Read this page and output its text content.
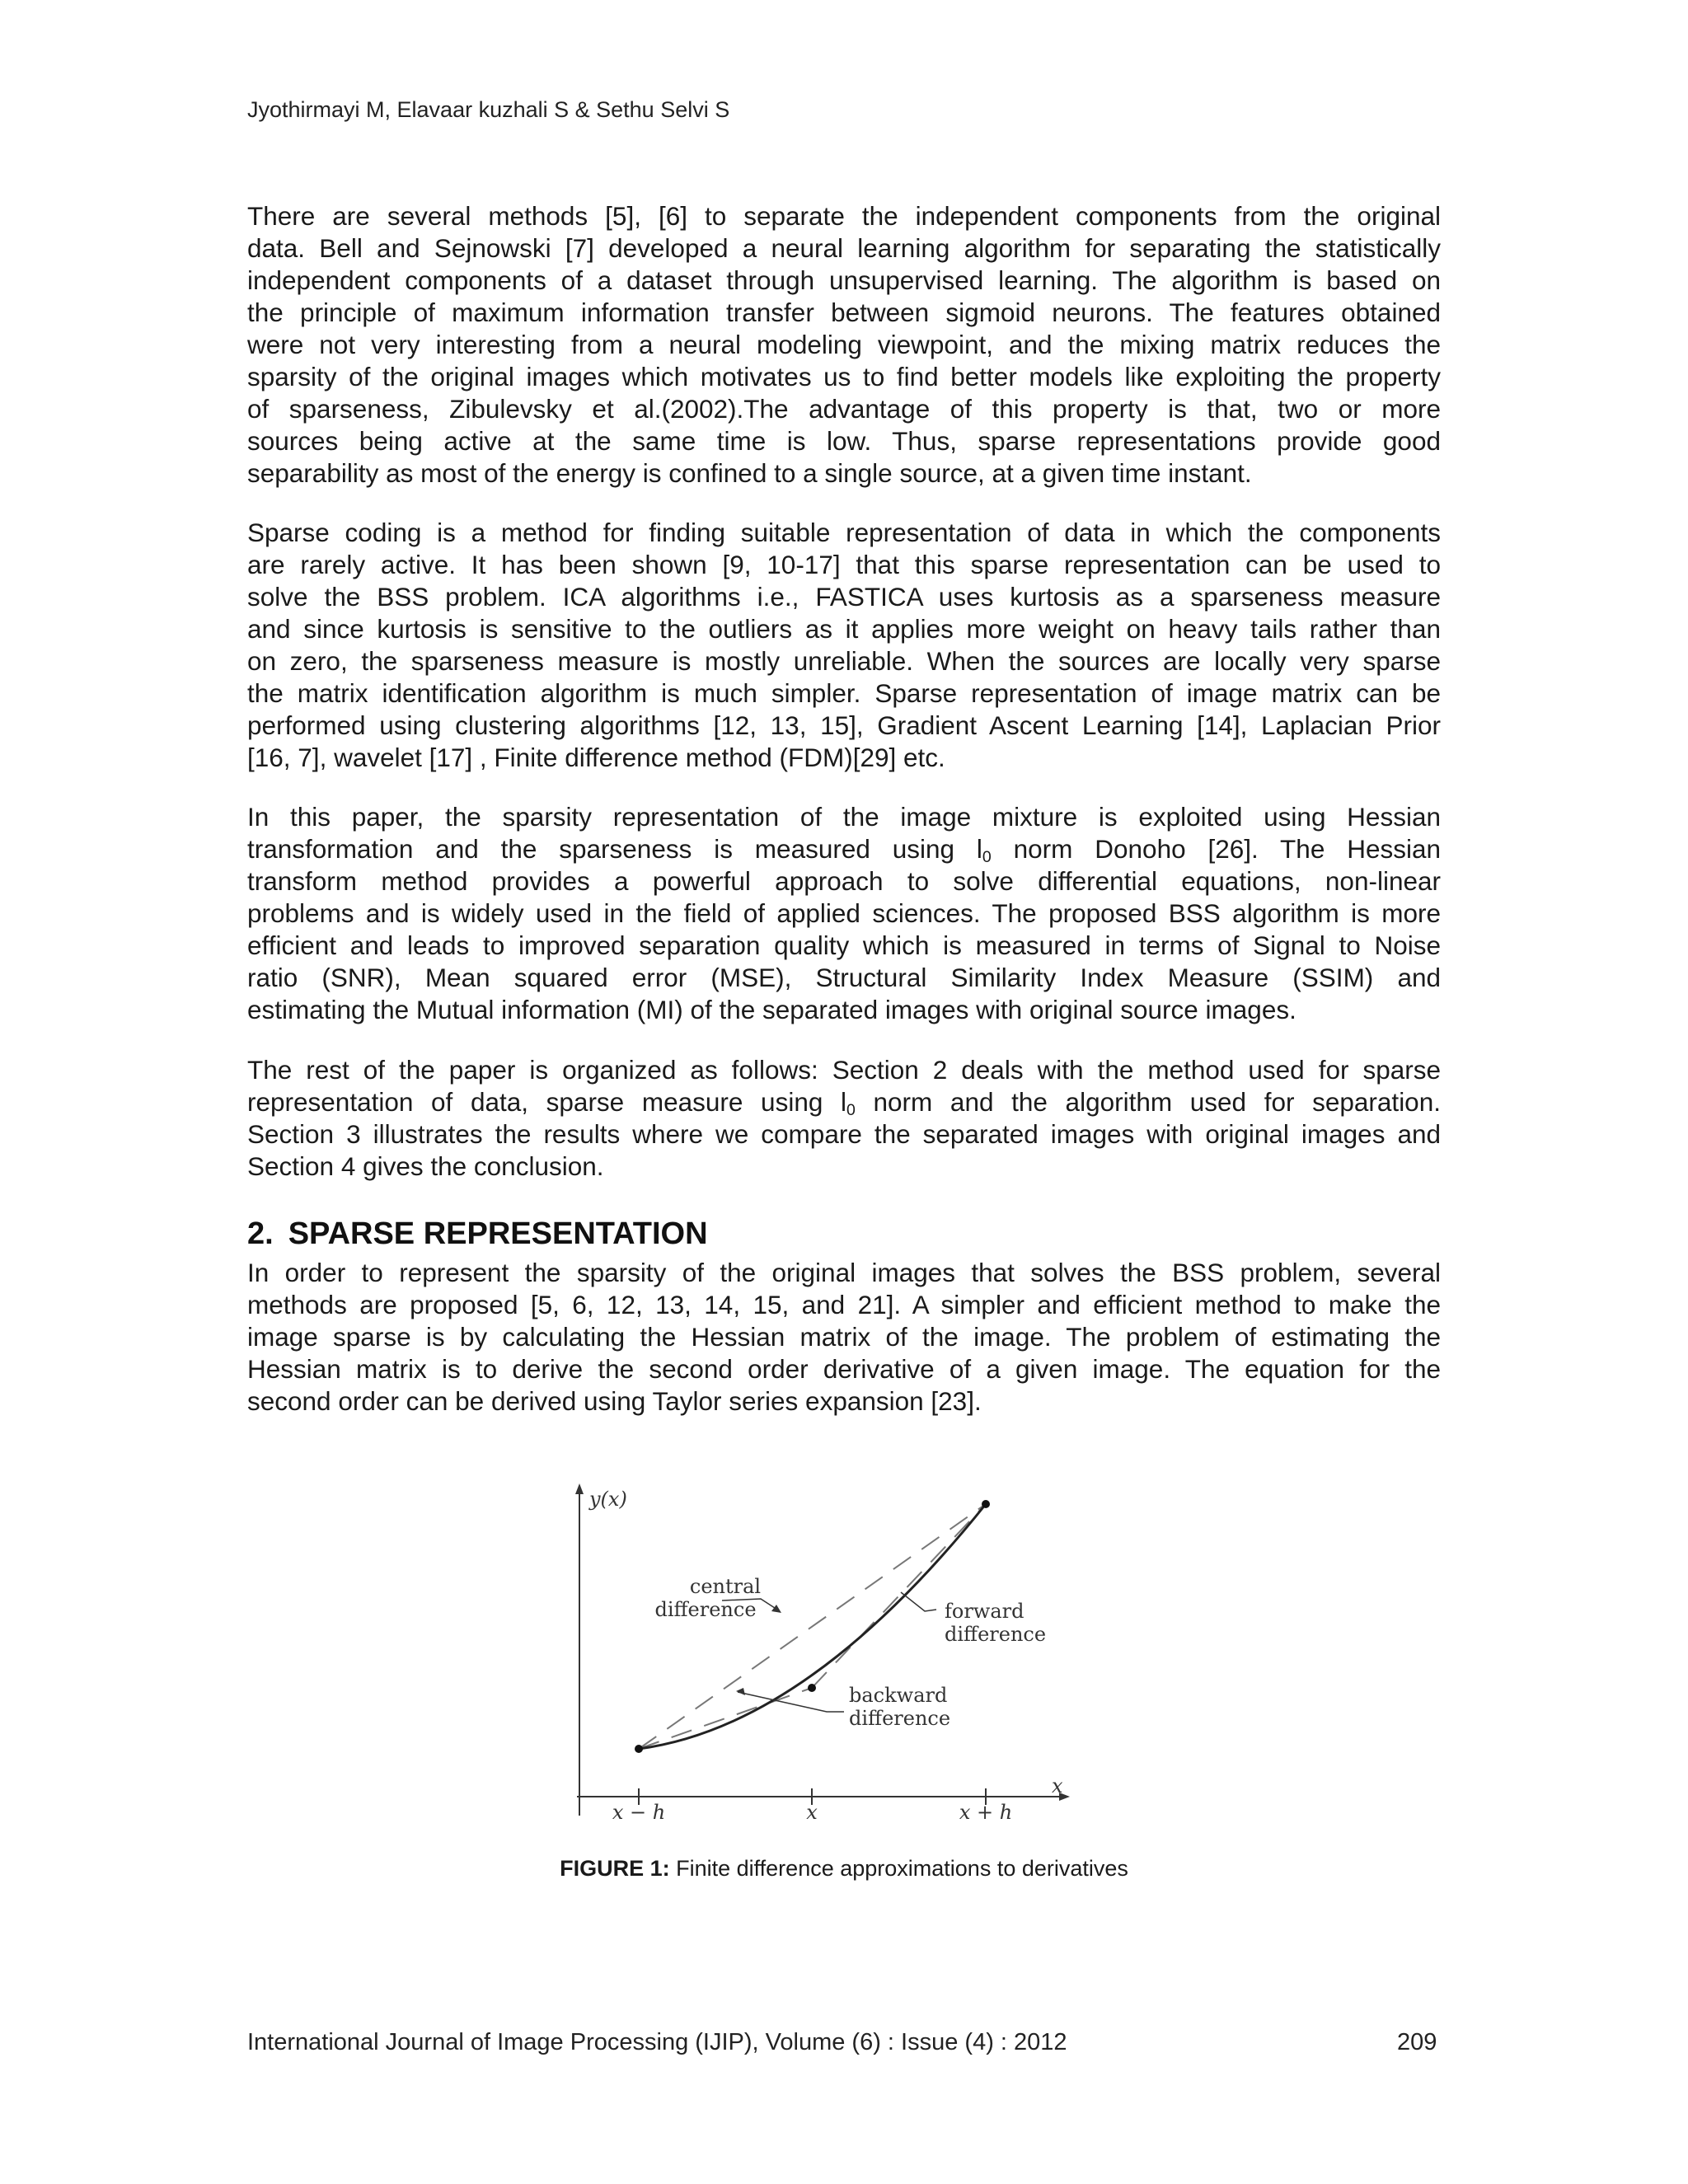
Jyothirmayi M, Elavaar kuzhali S & Sethu Selvi S
There are several methods [5], [6] to separate the independent components from the original
data. Bell and Sejnowski [7] developed a neural learning algorithm for separating the statistically
independent components of a dataset through unsupervised learning. The algorithm is based on
the principle of maximum information transfer between sigmoid neurons. The features obtained
were not very interesting from a neural modeling viewpoint, and the mixing matrix reduces the
sparsity of the original images which motivates us to find better models like exploiting the property
of sparseness, Zibulevsky et al.(2002).The advantage of this property is that, two or more
sources being active at the same time is low. Thus, sparse representations provide good
separability as most of the energy is confined to a single source, at a given time instant.
Sparse coding is a method for finding suitable representation of data in which the components
are rarely active. It has been shown [9, 10-17] that this sparse representation can be used to
solve the BSS problem. ICA algorithms i.e., FASTICA uses kurtosis as a sparseness measure
and since kurtosis is sensitive to the outliers as it applies more weight on heavy tails rather than
on zero, the sparseness measure is mostly unreliable. When the sources are locally very sparse
the matrix identification algorithm is much simpler. Sparse representation of image matrix can be
performed using clustering algorithms [12, 13, 15], Gradient Ascent Learning [14], Laplacian Prior
[16, 7], wavelet [17] , Finite difference method (FDM)[29] etc.
In this paper, the sparsity representation of the image mixture is exploited using Hessian
transformation and the sparseness is measured using $l_0$ norm Donoho [26]. The Hessian
transform method provides a powerful approach to solve differential equations, non-linear
problems and is widely used in the field of applied sciences. The proposed BSS algorithm is more
efficient and leads to improved separation quality which is measured in terms of Signal to Noise
ratio (SNR), Mean squared error (MSE), Structural Similarity Index Measure (SSIM) and
estimating the Mutual information (MI) of the separated images with original source images.
The rest of the paper is organized as follows: Section 2 deals with the method used for sparse
representation of data, sparse measure using $l_0$ norm and the algorithm used for separation.
Section 3 illustrates the results where we compare the separated images with original images and
Section 4 gives the conclusion.
2. SPARSE REPRESENTATION
In order to represent the sparsity of the original images that solves the BSS problem, several
methods are proposed [5, 6, 12, 13, 14, 15, and 21]. A simpler and efficient method to make the
image sparse is by calculating the Hessian matrix of the image. The problem of estimating the
Hessian matrix is to derive the second order derivative of a given image. The equation for the
second order can be derived using Taylor series expansion [23].
y(x)
x
x − h	x	x + h
central
difference	forward
difference
backward
difference
FIGURE 1: Finite difference approximations to derivatives
International Journal of Image Processing (IJIP), Volume (6) : Issue (4) : 2012	209
